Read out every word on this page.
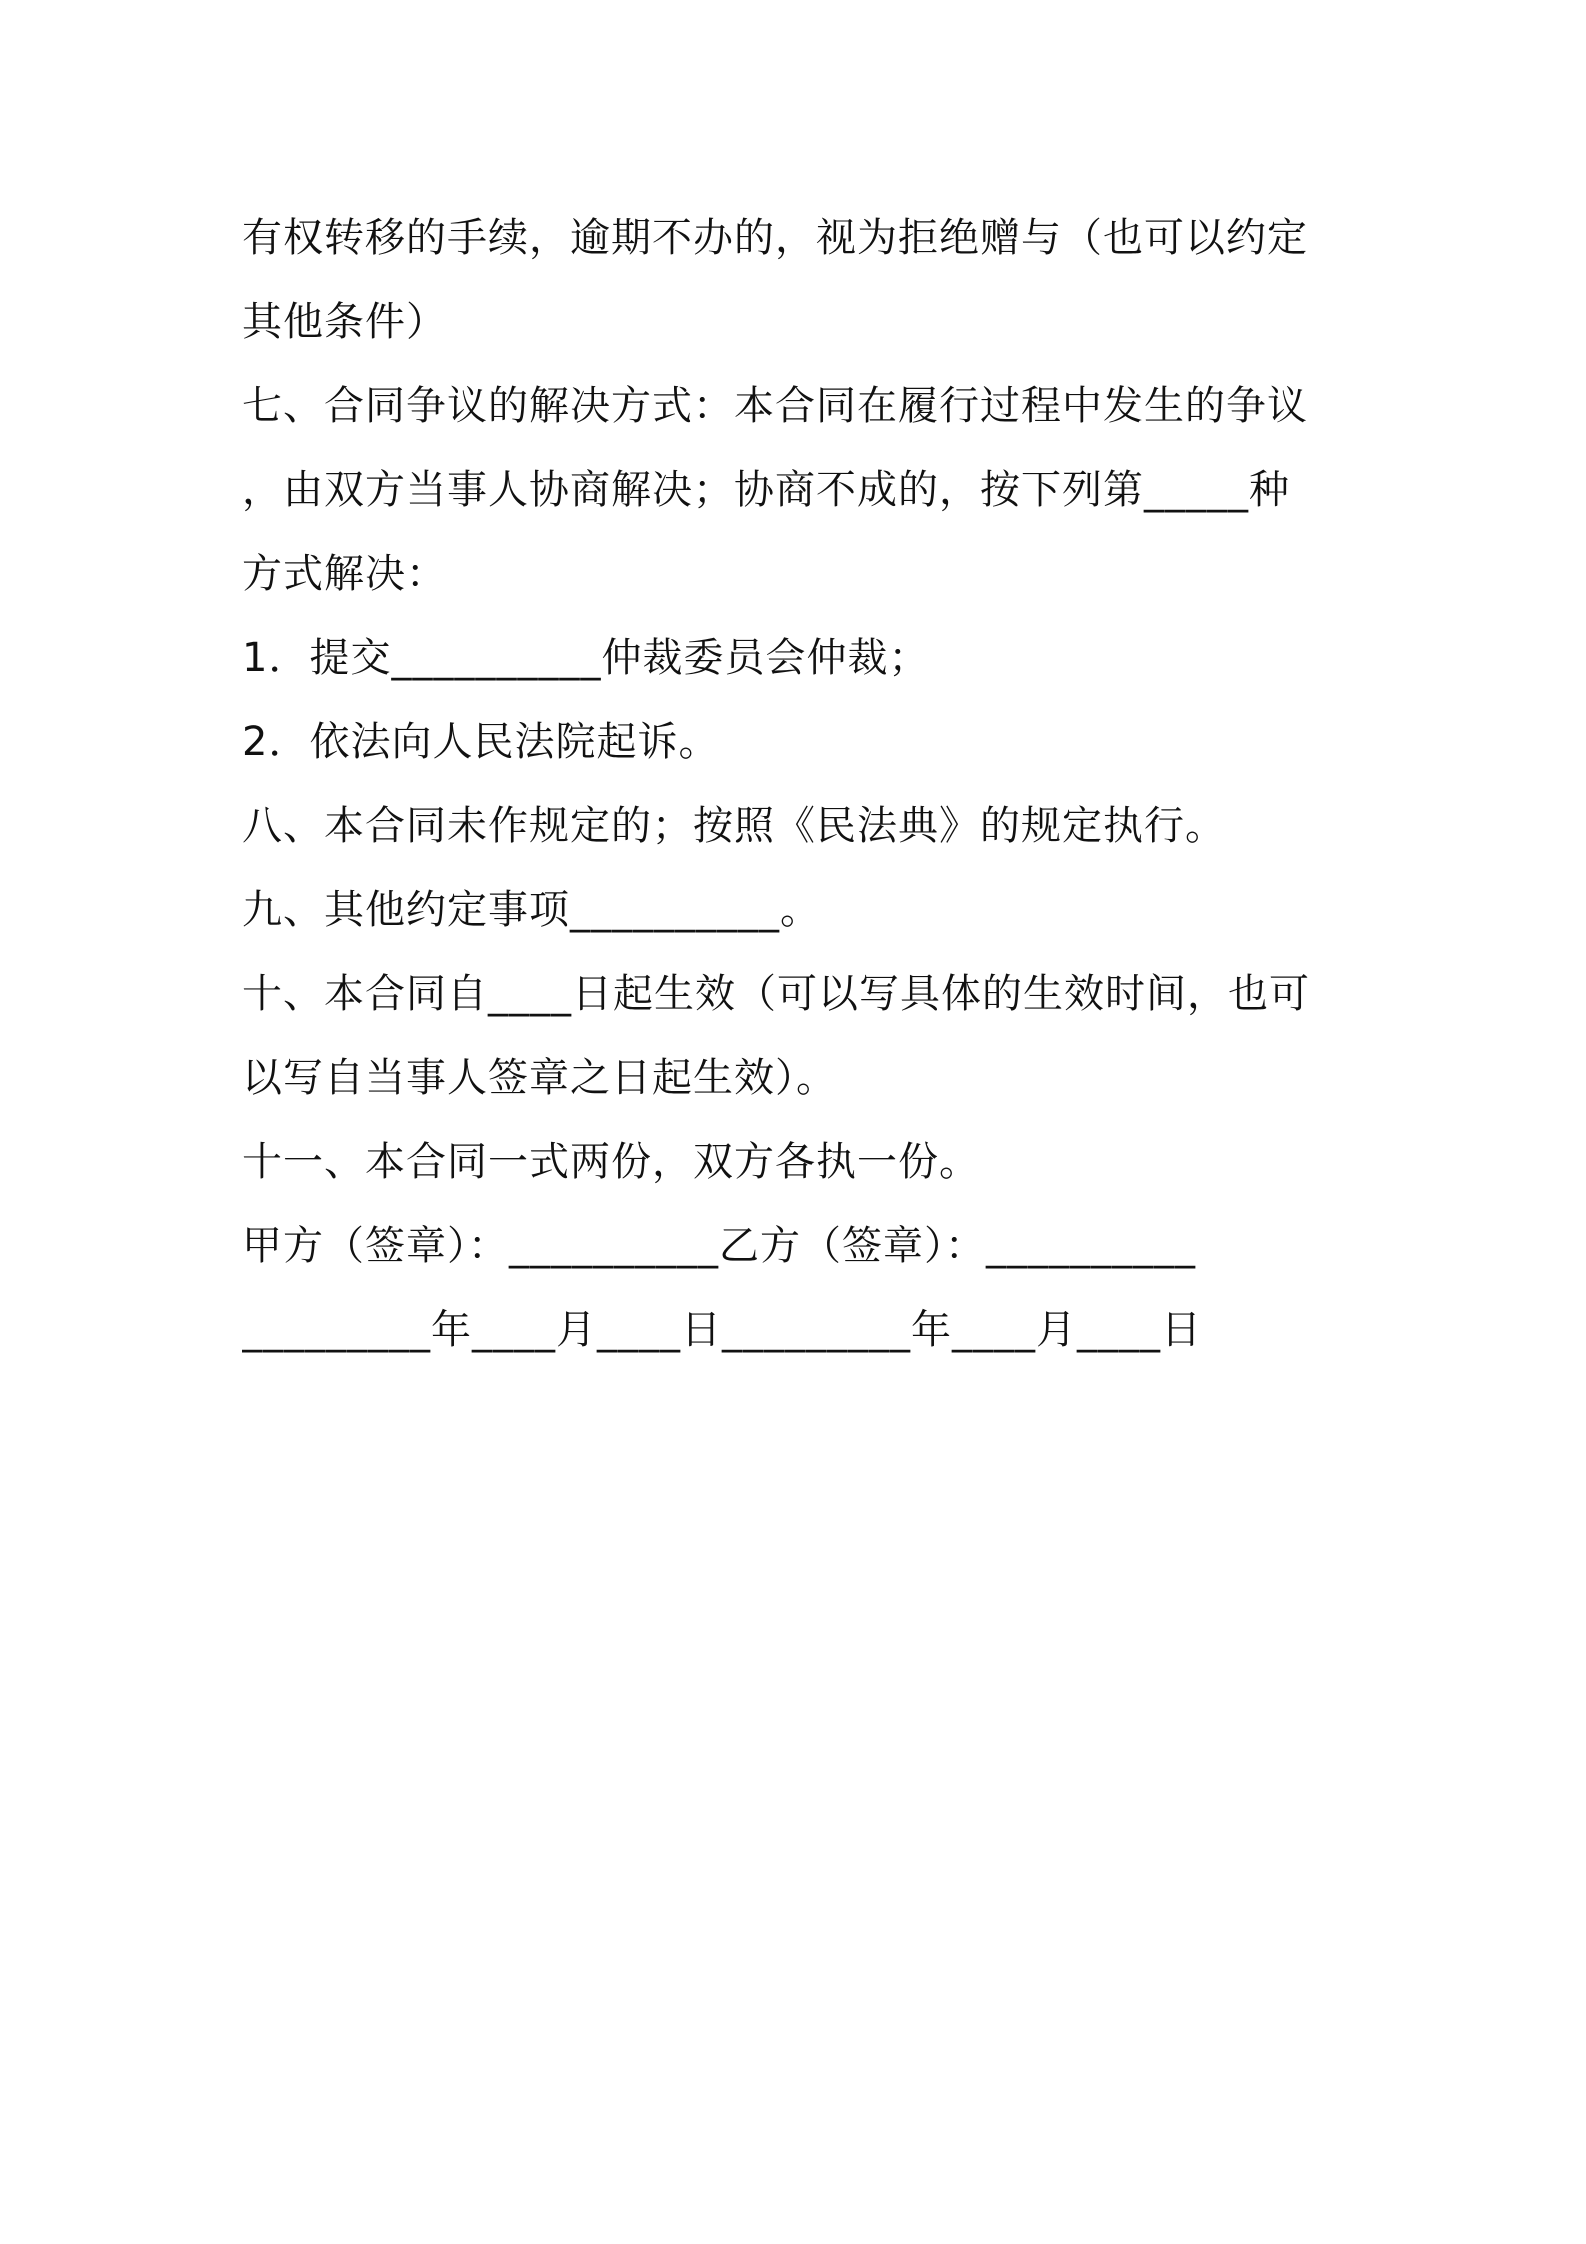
有权转移的手续，逾期不办的，视为拒绝赠与（也可以约定
其他条件）
七、合同争议的解决方式：本合同在履行过程中发生的争议
，由双方当事人协商解决；协商不成的，按下列第_____种
方式解决：
1．提交__________仲裁委员会仲裁；
2．依法向人民法院起诉。
八、本合同未作规定的；按照《民法典》的规定执行。
九、其他约定事项__________。
十、本合同自____日起生效（可以写具体的生效时间，也可
以写自当事人签章之日起生效）。
十一、本合同一式两份，双方各执一份。
甲方（签章）：__________乙方（签章）：__________
_________年____月____日_________年____月____日
